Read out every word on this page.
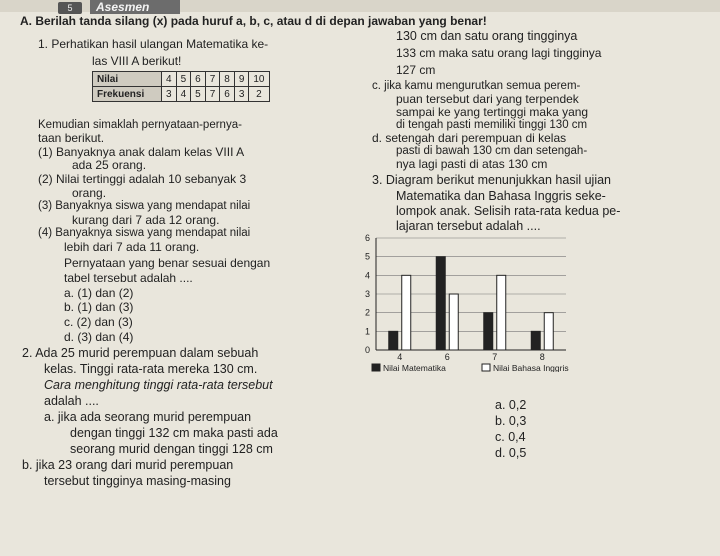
5	Asesmen
A. Berilah tanda silang (x) pada huruf a, b, c, atau d di depan jawaban yang benar!
1. Perhatikan hasil ulangan Matematika ke-
las VIII A berikut!
Nilai	4	5	6	7	8	9	10
Frekuensi	3	4	5	7	6	3	2
Kemudian simaklah pernyataan-pernya-
taan berikut.
(1) Banyaknya anak dalam kelas VIII A
ada 25 orang.
(2) Nilai tertinggi adalah 10 sebanyak 3
orang.
(3) Banyaknya siswa yang mendapat nilai
kurang dari 7 ada 12 orang.
(4) Banyaknya siswa yang mendapat nilai
lebih dari 7 ada 11 orang.
Pernyataan yang benar sesuai dengan
tabel tersebut adalah ....
a. (1) dan (2)
b. (1) dan (3)
c. (2) dan (3)
d. (3) dan (4)
2. Ada 25 murid perempuan dalam sebuah
kelas. Tinggi rata-rata mereka 130 cm.
Cara menghitung tinggi rata-rata tersebut
adalah ....
a. jika ada seorang murid perempuan
dengan tinggi 132 cm maka pasti ada
seorang murid dengan tinggi 128 cm
b. jika 23 orang dari murid perempuan
tersebut tingginya masing-masing
130 cm dan satu orang tingginya
133 cm maka satu orang lagi tingginya
127 cm
c. jika kamu mengurutkan semua perem-
puan tersebut dari yang terpendek
sampai ke yang tertinggi maka yang
di tengah pasti memiliki tinggi 130 cm
d. setengah dari perempuan di kelas
pasti di bawah 130 cm dan setengah-
nya lagi pasti di atas 130 cm
3. Diagram berikut menunjukkan hasil ujian
Matematika dan Bahasa Inggris seke-
lompok anak. Selisih rata-rata kedua pe-
lajaran tersebut adalah ....
0
1
2
3
4
5
6
4	6	7	8
Nilai Matematika	Nilai Bahasa Inggris
a. 0,2
b. 0,3
c. 0,4
d. 0,5
